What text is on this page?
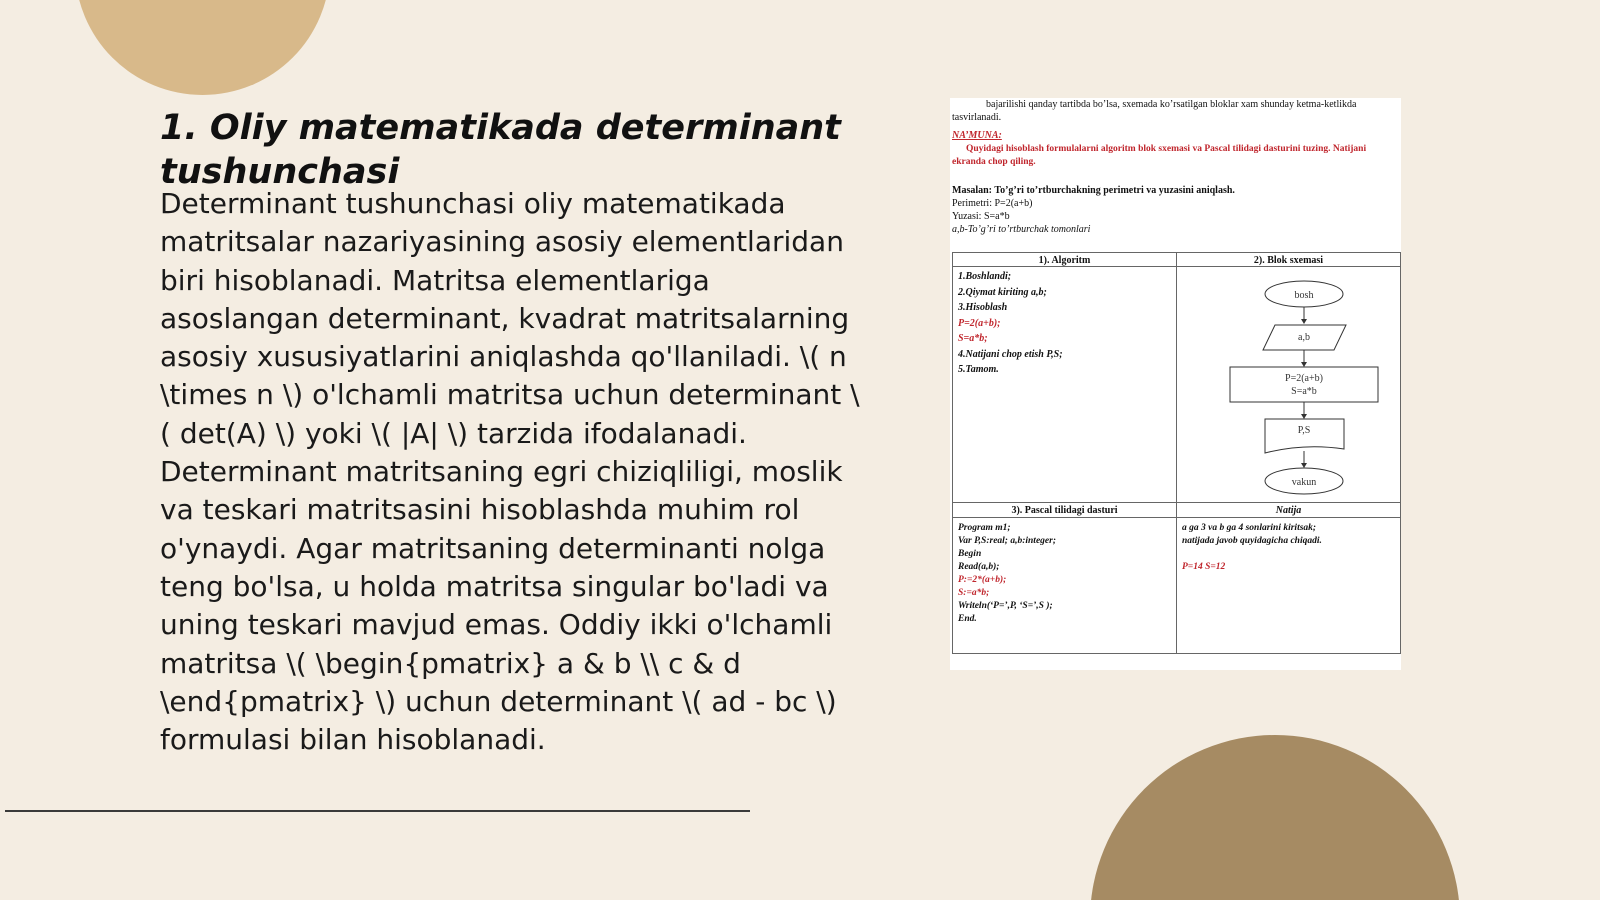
1. Oliy matematikada determinant tushunchasi

Determinant tushunchasi oliy matematikada matritsalar nazariyasining asosiy elementlaridan biri hisoblanadi. Matritsa elementlariga asoslangan determinant, kvadrat matritsalarning asosiy xususiyatlarini aniqlashda qo'llaniladi. \( n \times n \) o'lchamli matritsa uchun determinant \( det(A) \) yoki \( |A| \) tarzida ifodalanadi. Determinant matritsaning egri chiziqliligi, moslik va teskari matritsasini hisoblashda muhim rol o'ynaydi. Agar matritsaning determinanti nolga teng bo'lsa, u holda matritsa singular bo'ladi va uning teskari mavjud emas. Oddiy ikki o'lchamli matritsa \( \begin{pmatrix} a & b \\ c & d \end{pmatrix} \) uchun determinant \( ad - bc \) formulasi bilan hisoblanadi.

bajarilishi qanday tartibda bo’lsa, sxemada ko’rsatilgan bloklar xam shunday ketma-ketlikda tasvirlanadi.
NA’MUNA:
Quyidagi hisoblash formulalarni algoritm blok sxemasi va Pascal tilidagi dasturini tuzing. Natijani ekranda chop qiling.
Masalan: To’g’ri to’rtburchakning perimetri va yuzasini aniqlash.
Perimetri: P=2(a+b)
Yuzasi: S=a*b
a,b-To’g’ri to’rtburchak tomonlari
1). Algoritm	2). Blok sxemasi
3). Pascal tilidagi dasturi	Natija
1.Boshlandi;
2.Qiymat kiriting a,b;
3.Hisoblash
P=2(a+b);
S=a*b;
4.Natijani chop etish P,S;
5.Tamom.
bosh
a,b
P=2(a+b)
S=a*b
P,S
vakun
Program m1;
Var P,S:real; a,b:integer;
Begin
Read(a,b);
P:=2*(a+b);
S:=a*b;
Writeln(‘P=’,P, ‘S=’,S );
End.
a ga 3 va b ga 4 sonlarini kiritsak;
natijada javob quyidagicha chiqadi.
P=14 S=12
